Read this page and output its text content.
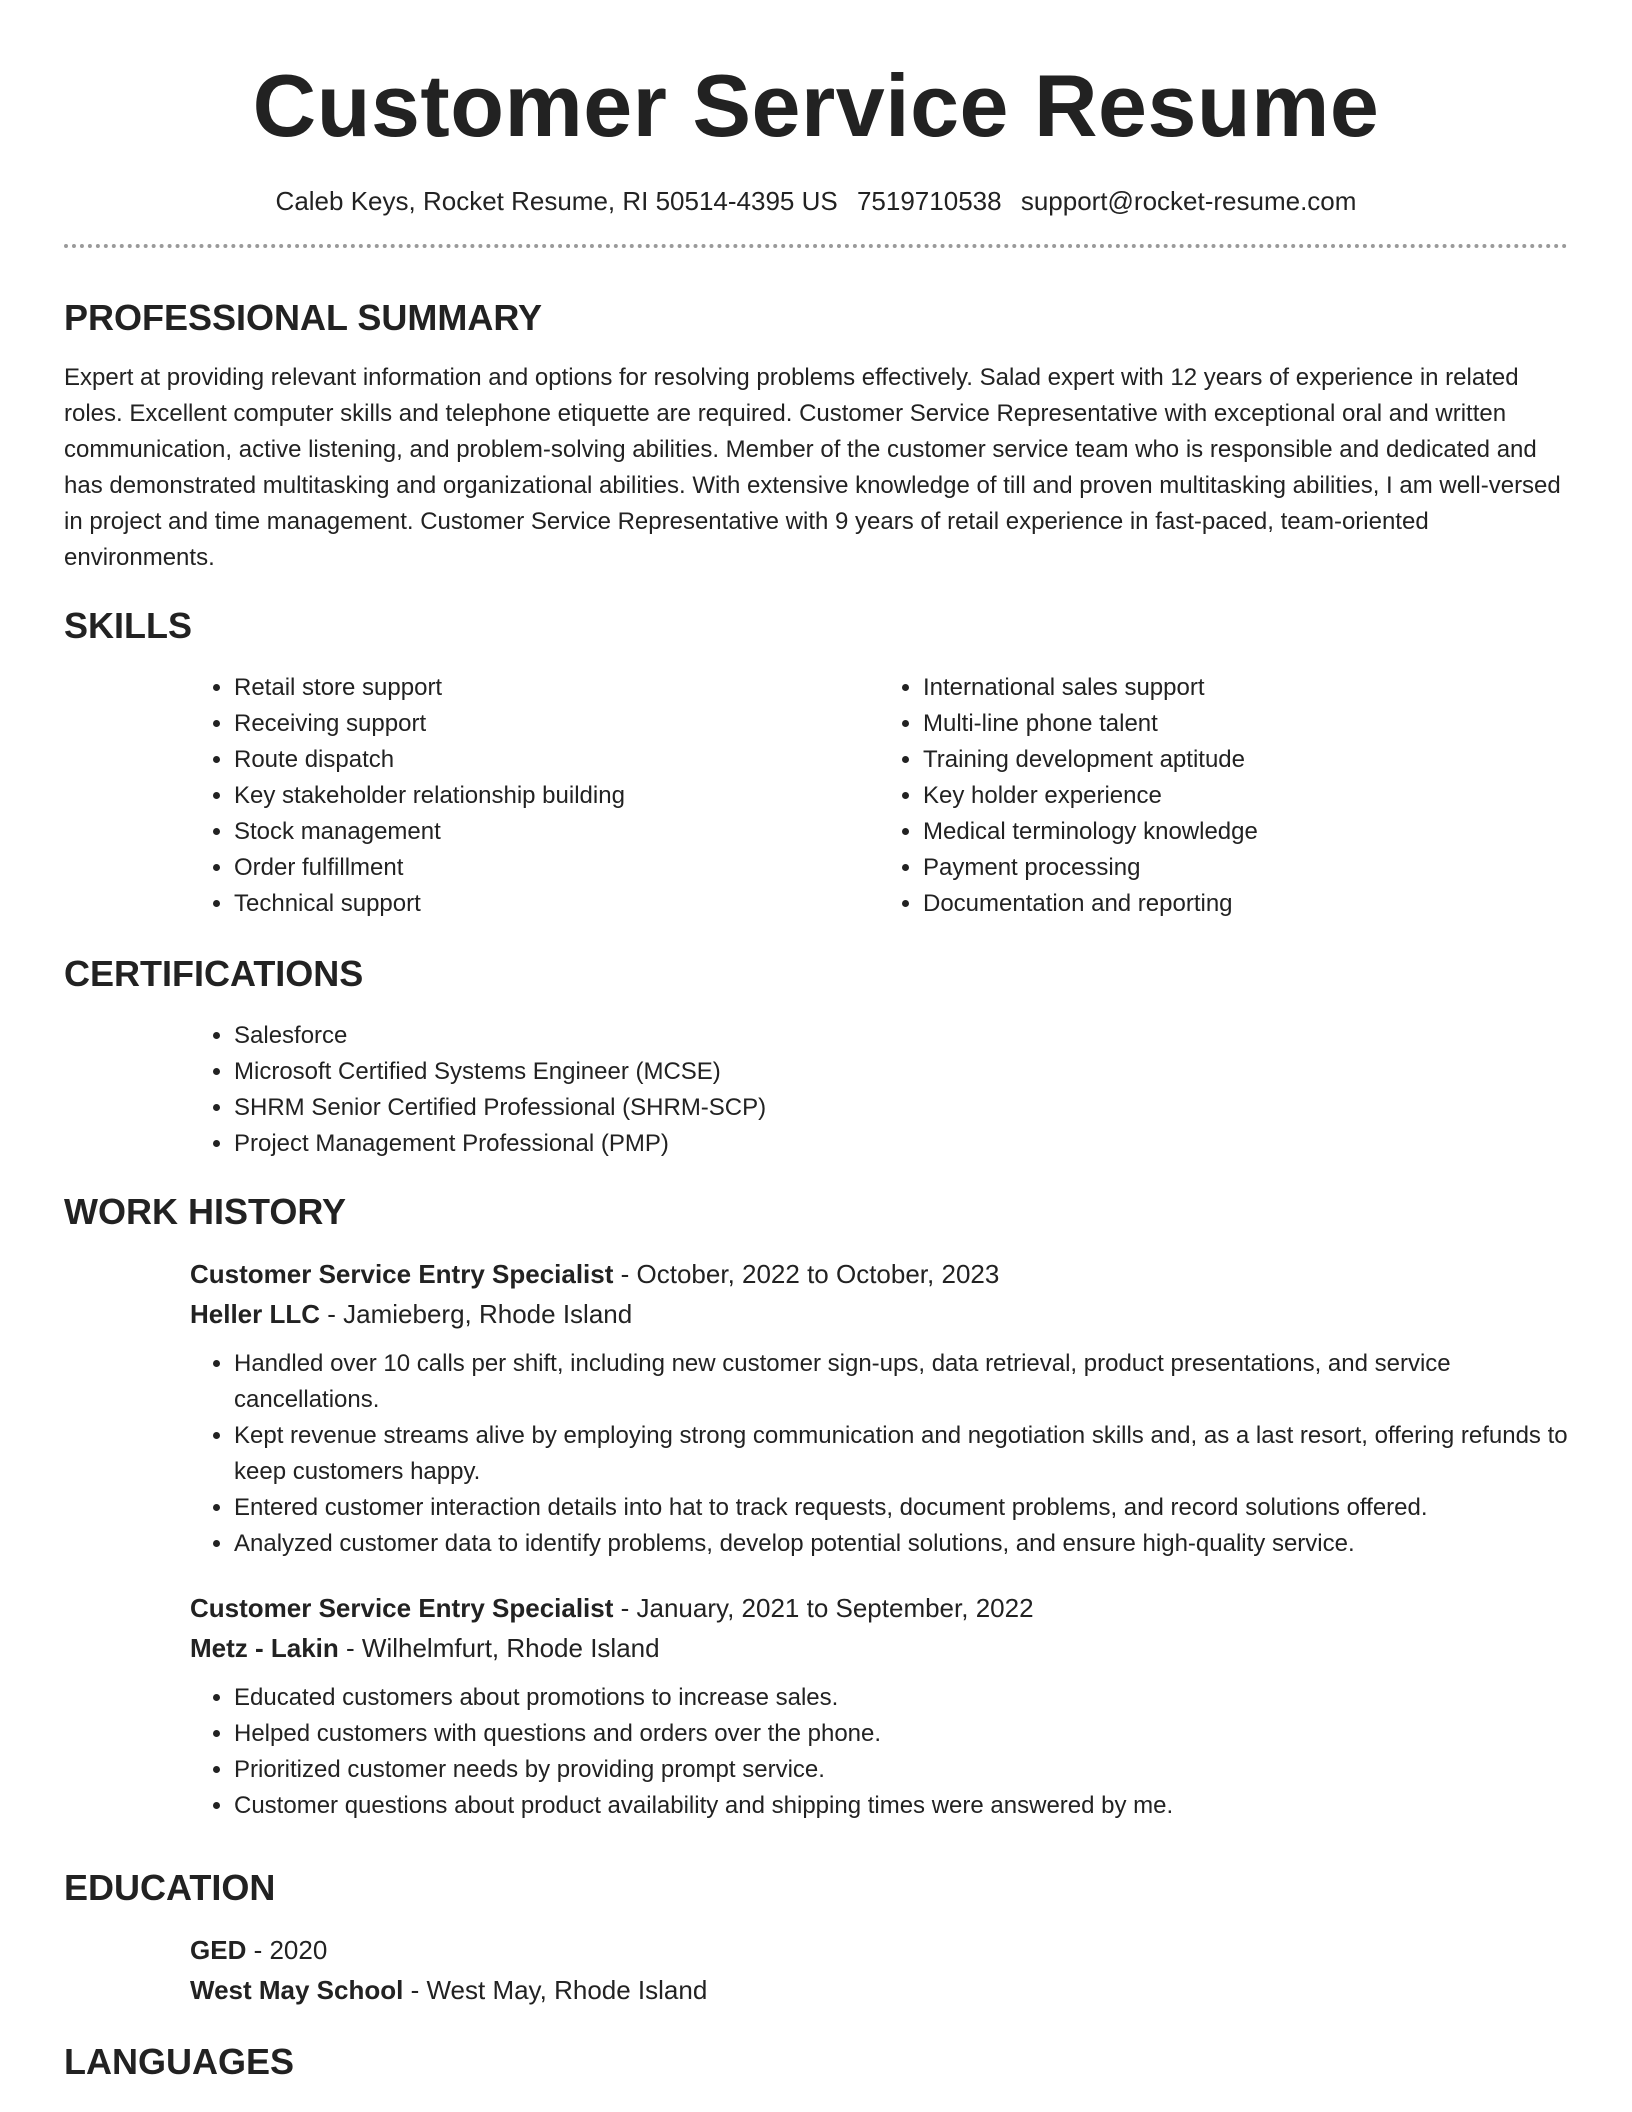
Customer Service Resume
Caleb Keys, Rocket Resume, RI 50514-4395 US 7519710538 support@rocket-resume.com
PROFESSIONAL SUMMARY

Expert at providing relevant information and options for resolving problems effectively. Salad expert with 12 years of experience in related roles. Excellent computer skills and telephone etiquette are required. Customer Service Representative with exceptional oral and written communication, active listening, and problem-solving abilities. Member of the customer service team who is responsible and dedicated and has demonstrated multitasking and organizational abilities. With extensive knowledge of till and proven multitasking abilities, I am well-versed in project and time management. Customer Service Representative with 9 years of retail experience in fast-paced, team-oriented environments.

SKILLS
• Retail store support
• Receiving support
• Route dispatch
• Key stakeholder relationship building
• Stock management
• Order fulfillment
• Technical support
• International sales support
• Multi-line phone talent
• Training development aptitude
• Key holder experience
• Medical terminology knowledge
• Payment processing
• Documentation and reporting
CERTIFICATIONS
• Salesforce
• Microsoft Certified Systems Engineer (MCSE)
• SHRM Senior Certified Professional (SHRM-SCP)
• Project Management Professional (PMP)
WORK HISTORY
Customer Service Entry Specialist - October, 2022 to October, 2023
Heller LLC - Jamieberg, Rhode Island
• Handled over 10 calls per shift, including new customer sign-ups, data retrieval, product presentations, and service cancellations.
• Kept revenue streams alive by employing strong communication and negotiation skills and, as a last resort, offering refunds to keep customers happy.
• Entered customer interaction details into hat to track requests, document problems, and record solutions offered.
• Analyzed customer data to identify problems, develop potential solutions, and ensure high-quality service.
Customer Service Entry Specialist - January, 2021 to September, 2022
Metz - Lakin - Wilhelmfurt, Rhode Island
• Educated customers about promotions to increase sales.
• Helped customers with questions and orders over the phone.
• Prioritized customer needs by providing prompt service.
• Customer questions about product availability and shipping times were answered by me.
EDUCATION
GED - 2020
West May School - West May, Rhode Island
LANGUAGES
